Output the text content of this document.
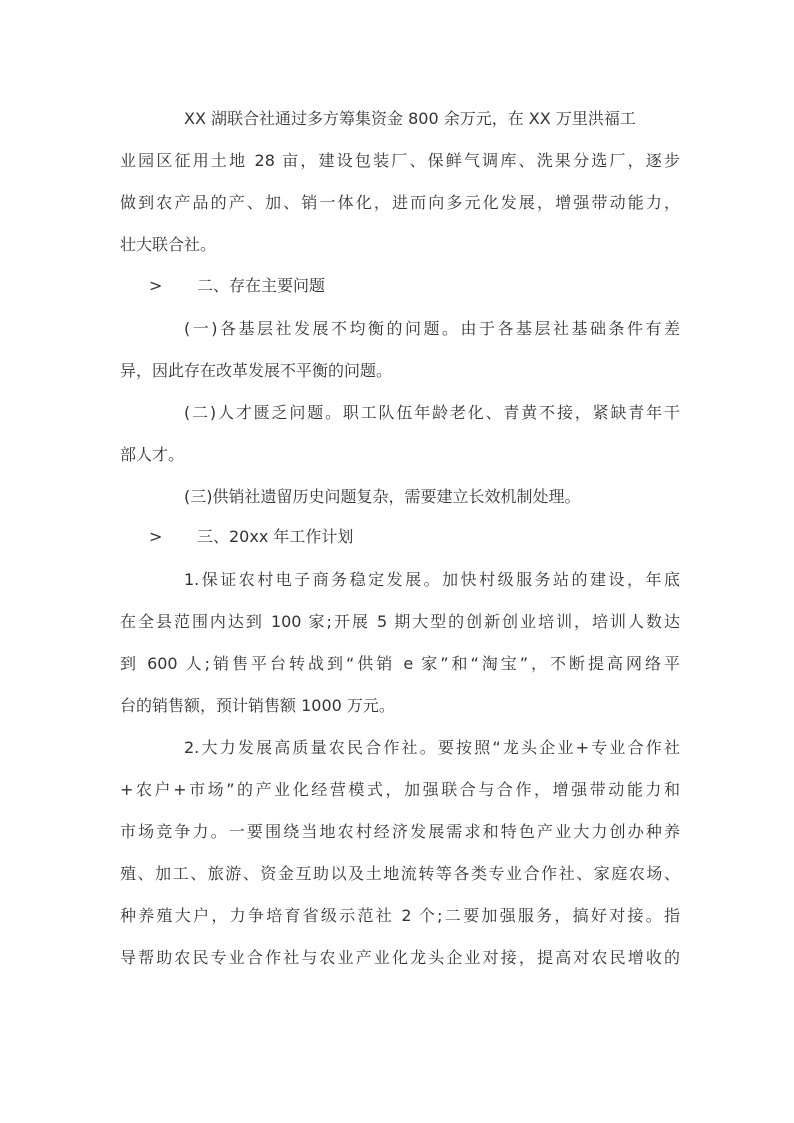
XX 湖联合社通过多方筹集资金 800 余万元，在 XX 万里洪福工
业园区征用土地 28 亩，建设包装厂、保鲜气调库、洗果分选厂，逐步
做到农产品的产、加、销一体化，进而向多元化发展，增强带动能力，
壮大联合社。
> 二、存在主要问题
(一)各基层社发展不均衡的问题。由于各基层社基础条件有差
异，因此存在改革发展不平衡的问题。
(二)人才匮乏问题。职工队伍年龄老化、青黄不接，紧缺青年干
部人才。
(三)供销社遗留历史问题复杂，需要建立长效机制处理。
> 三、20xx 年工作计划
1.保证农村电子商务稳定发展。加快村级服务站的建设，年底
在全县范围内达到 100 家;开展 5 期大型的创新创业培训，培训人数达
到 600 人;销售平台转战到“供销 e 家”和“淘宝”，不断提高网络平
台的销售额，预计销售额 1000 万元。
2.大力发展高质量农民合作社。要按照“龙头企业+专业合作社
+农户+市场”的产业化经营模式，加强联合与合作，增强带动能力和
市场竞争力。一要围绕当地农村经济发展需求和特色产业大力创办种养
殖、加工、旅游、资金互助以及土地流转等各类专业合作社、家庭农场、
种养殖大户，力争培育省级示范社 2 个;二要加强服务，搞好对接。指
导帮助农民专业合作社与农业产业化龙头企业对接，提高对农民增收的
